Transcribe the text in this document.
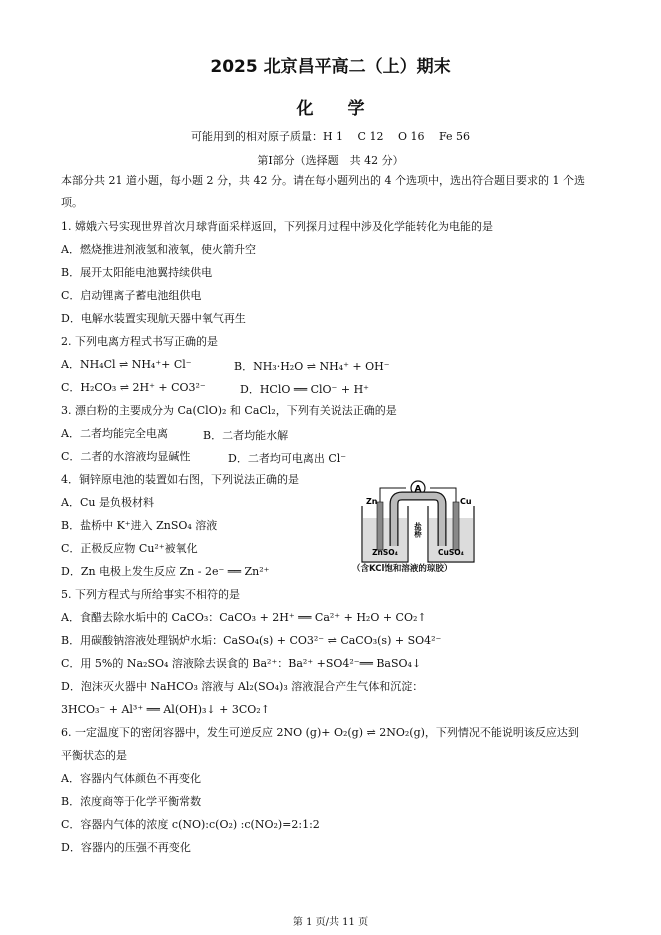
2025 北京昌平高二（上）期末
化　　学
可能用到的相对原子质量：H 1　 C 12　 O 16　 Fe 56
第Ⅰ部分（选择题　共 42 分）
本部分共 21 道小题，每小题 2 分，共 42 分。请在每小题列出的 4 个选项中，选出符合题目要求的 1 个选
项。
1. 嫦娥六号实现世界首次月球背面采样返回，下列探月过程中涉及化学能转化为电能的是
A．燃烧推进剂液氢和液氧，使火箭升空
B．展开太阳能电池翼持续供电
C．启动锂离子蓄电池组供电
D．电解水装置实现航天器中氧气再生
2. 下列电离方程式书写正确的是
A．NH₄Cl ⇌ NH₄⁺+ Cl⁻	B．NH₃·H₂O ⇌ NH₄⁺ + OH⁻
C．H₂CO₃ ⇌ 2H⁺ + CO3²⁻	D．HClO ══ ClO⁻ + H⁺
3. 漂白粉的主要成分为 Ca(ClO)₂ 和 CaCl₂，下列有关说法正确的是
A．二者均能完全电离	B．二者均能水解
C．二者的水溶液均显碱性	D．二者均可电离出 Cl⁻
4．铜锌原电池的装置如右图，下列说法正确的是
A．Cu 是负极材料
B．盐桥中 K⁺进入 ZnSO₄ 溶液
C．正极反应物 Cu²⁺被氧化
D．Zn 电极上发生反应 Zn - 2e⁻ ══ Zn²⁺
A
Zn	Cu
盐桥
ZnSO₄	CuSO₄
（含KCl饱和溶液的琼胶）
5. 下列方程式与所给事实不相符的是
A．食醋去除水垢中的 CaCO₃：CaCO₃ + 2H⁺ ══ Ca²⁺ + H₂O + CO₂↑
B．用碳酸钠溶液处理锅炉水垢：CaSO₄(s) + CO3²⁻ ⇌ CaCO₃(s) + SO4²⁻
C．用 5%的 Na₂SO₄ 溶液除去误食的 Ba²⁺：Ba²⁺ +SO4²⁻══ BaSO₄↓
D．泡沫灭火器中 NaHCO₃ 溶液与 Al₂(SO₄)₃ 溶液混合产生气体和沉淀：
3HCO₃⁻ + Al³⁺ ══ Al(OH)₃↓ + 3CO₂↑
6. 一定温度下的密闭容器中，发生可逆反应 2NO (g)+ O₂(g) ⇌ 2NO₂(g)，下列情况不能说明该反应达到
平衡状态的是
A．容器内气体颜色不再变化
B．浓度商等于化学平衡常数
C．容器内气体的浓度 c(NO):c(O₂) :c(NO₂)=2:1:2
D．容器内的压强不再变化
第 1 页/共 11 页
